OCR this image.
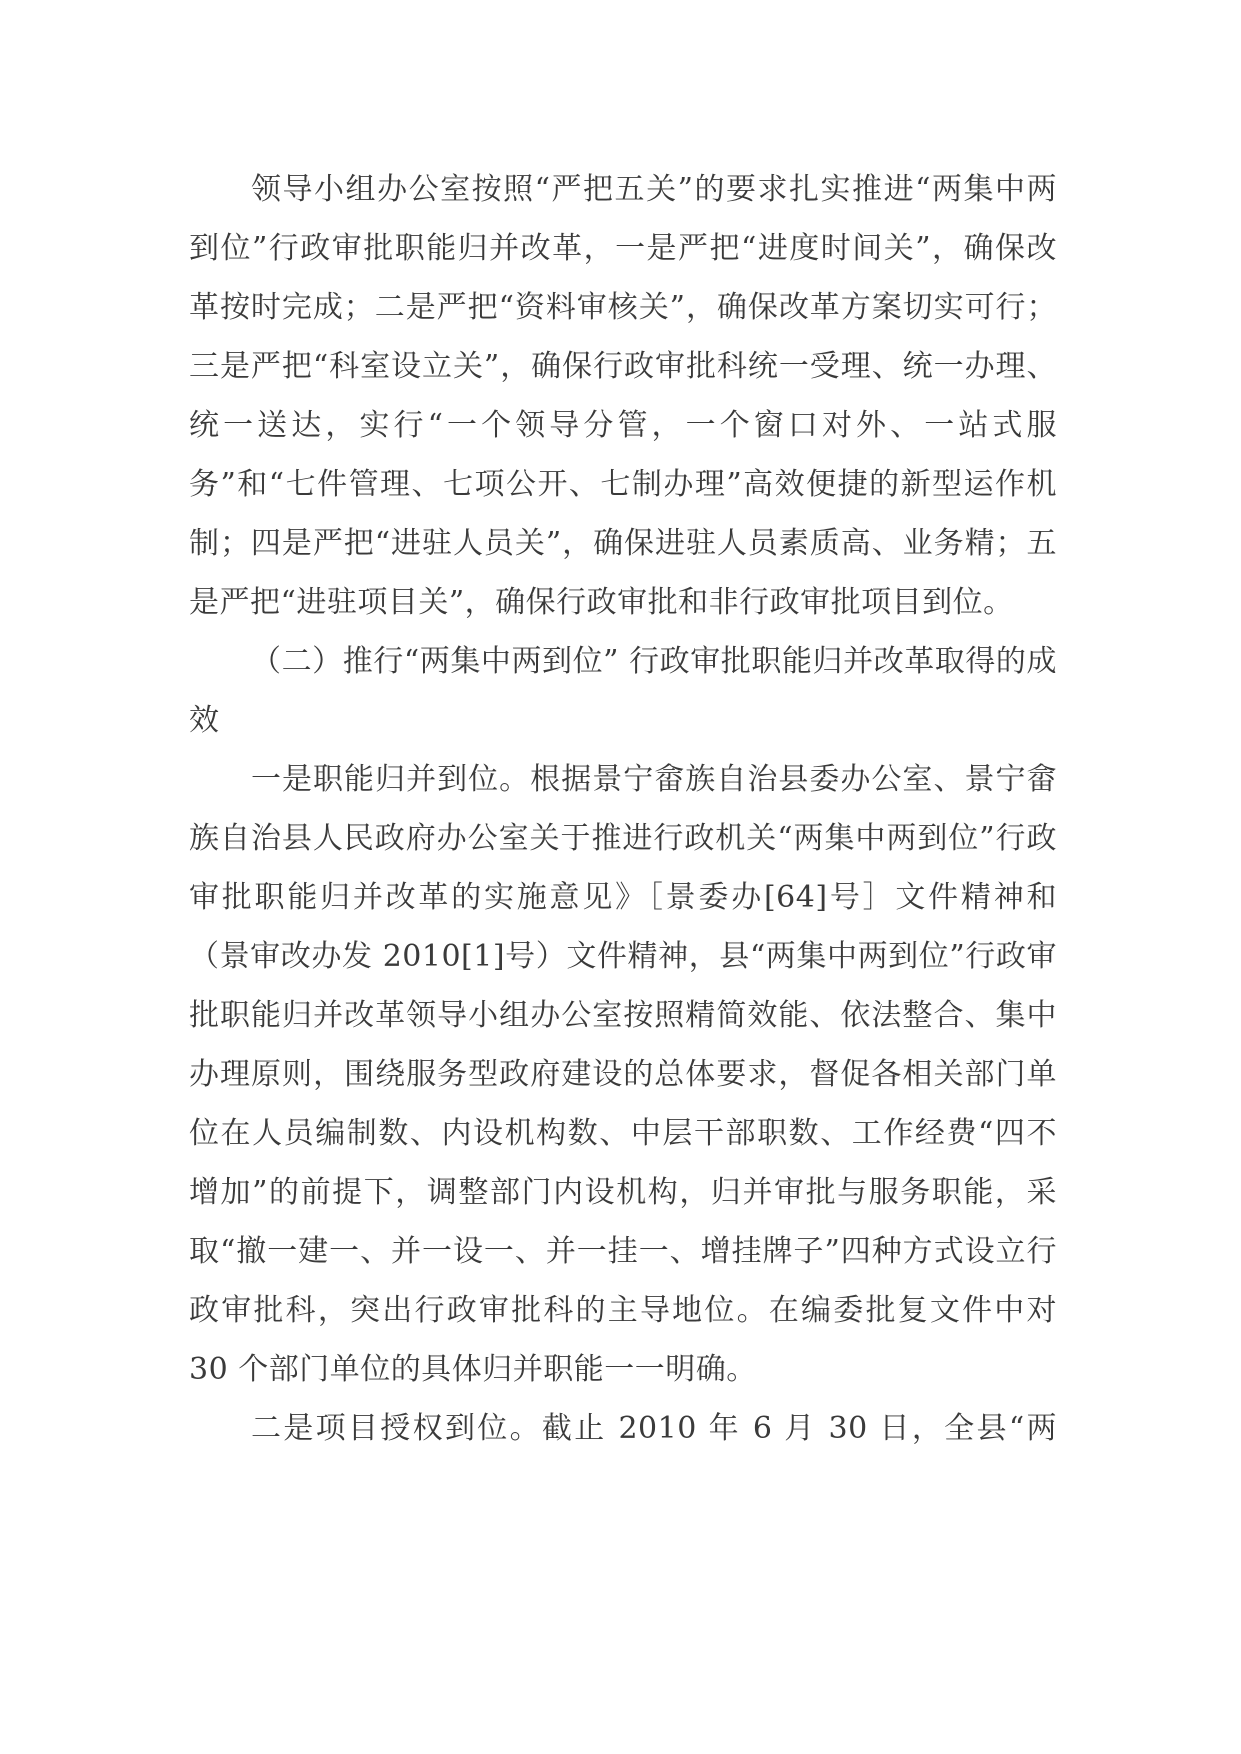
领导小组办公室按照“严把五关”的要求扎实推进“两集中两到位”行政审批职能归并改革，一是严把“进度时间关”，确保改革按时完成；二是严把“资料审核关”，确保改革方案切实可行；三是严把“科室设立关”，确保行政审批科统一受理、统一办理、统一送达，实行“一个领导分管，一个窗口对外、一站式服务”和“七件管理、七项公开、七制办理”高效便捷的新型运作机制；四是严把“进驻人员关”，确保进驻人员素质高、业务精；五是严把“进驻项目关”，确保行政审批和非行政审批项目到位。

（二）推行“两集中两到位” 行政审批职能归并改革取得的成效

一是职能归并到位。根据景宁畲族自治县委办公室、景宁畲族自治县人民政府办公室关于推进行政机关“两集中两到位”行政审批职能归并改革的实施意见》［景委办[64]号］文件精神和（景审改办发 2010[1]号）文件精神，县“两集中两到位”行政审批职能归并改革领导小组办公室按照精简效能、依法整合、集中办理原则，围绕服务型政府建设的总体要求，督促各相关部门单位在人员编制数、内设机构数、中层干部职数、工作经费“四不增加”的前提下，调整部门内设机构，归并审批与服务职能，采取“撤一建一、并一设一、并一挂一、增挂牌子”四种方式设立行政审批科，突出行政审批科的主导地位。在编委批复文件中对 30 个部门单位的具体归并职能一一明确。

二是项目授权到位。截止 2010 年 6 月 30 日，全县“两
